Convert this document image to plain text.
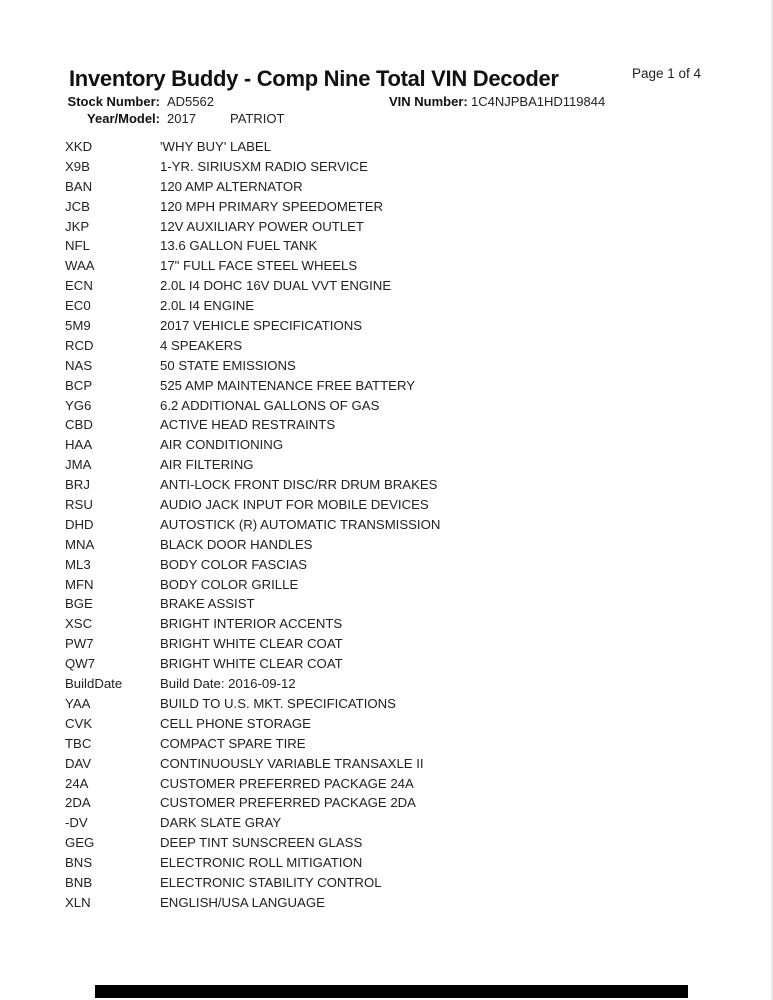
Inventory Buddy - Comp Nine Total VIN Decoder	Page 1 of 4
Stock Number: AD5562	VIN Number: 1C4NJPBA1HD119844
Year/Model: 2017	PATRIOT
XKD	'WHY BUY' LABEL
X9B	1-YR. SIRIUSXM RADIO SERVICE
BAN	120 AMP ALTERNATOR
JCB	120 MPH PRIMARY SPEEDOMETER
JKP	12V AUXILIARY POWER OUTLET
NFL	13.6 GALLON FUEL TANK
WAA	17" FULL FACE STEEL WHEELS
ECN	2.0L I4 DOHC 16V DUAL VVT ENGINE
EC0	2.0L I4 ENGINE
5M9	2017 VEHICLE SPECIFICATIONS
RCD	4 SPEAKERS
NAS	50 STATE EMISSIONS
BCP	525 AMP MAINTENANCE FREE BATTERY
YG6	6.2 ADDITIONAL GALLONS OF GAS
CBD	ACTIVE HEAD RESTRAINTS
HAA	AIR CONDITIONING
JMA	AIR FILTERING
BRJ	ANTI-LOCK FRONT DISC/RR DRUM BRAKES
RSU	AUDIO JACK INPUT FOR MOBILE DEVICES
DHD	AUTOSTICK (R) AUTOMATIC TRANSMISSION
MNA	BLACK DOOR HANDLES
ML3	BODY COLOR FASCIAS
MFN	BODY COLOR GRILLE
BGE	BRAKE ASSIST
XSC	BRIGHT INTERIOR ACCENTS
PW7	BRIGHT WHITE CLEAR COAT
QW7	BRIGHT WHITE CLEAR COAT
BuildDate	Build Date: 2016-09-12
YAA	BUILD TO U.S. MKT. SPECIFICATIONS
CVK	CELL PHONE STORAGE
TBC	COMPACT SPARE TIRE
DAV	CONTINUOUSLY VARIABLE TRANSAXLE II
24A	CUSTOMER PREFERRED PACKAGE 24A
2DA	CUSTOMER PREFERRED PACKAGE 2DA
-DV	DARK SLATE GRAY
GEG	DEEP TINT SUNSCREEN GLASS
BNS	ELECTRONIC ROLL MITIGATION
BNB	ELECTRONIC STABILITY CONTROL
XLN	ENGLISH/USA LANGUAGE
